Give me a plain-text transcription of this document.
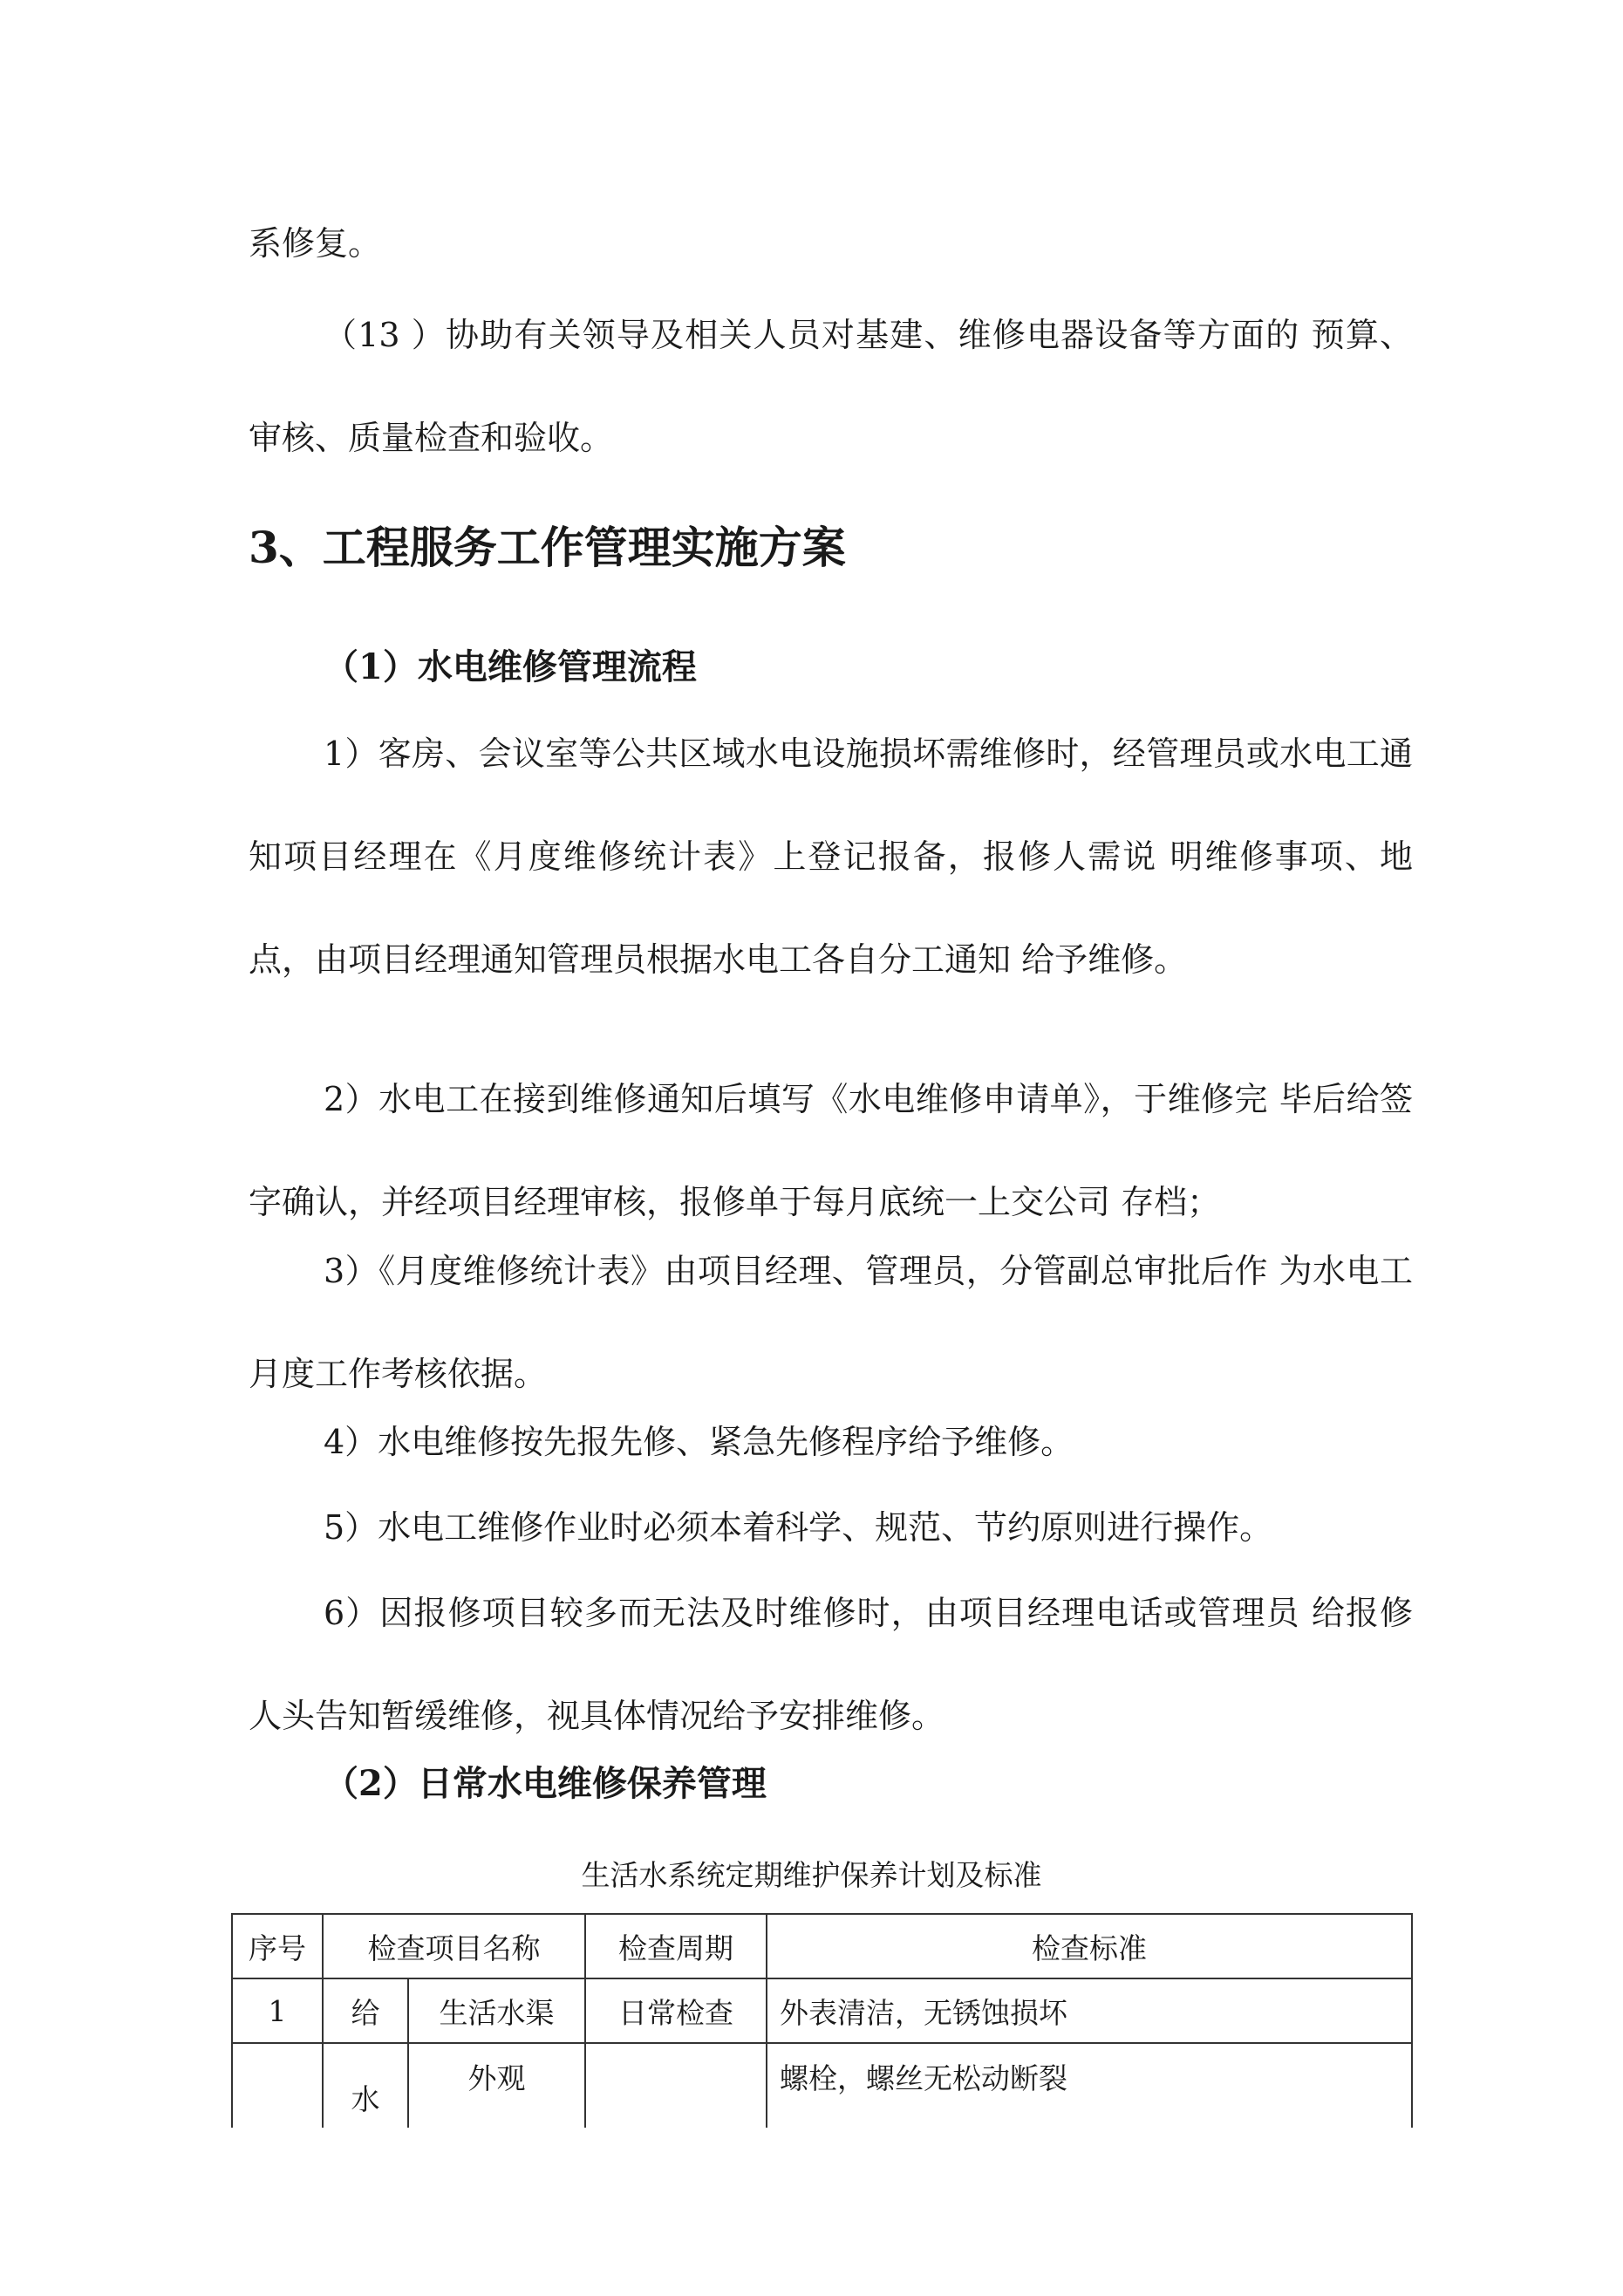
系修复。

（13 ）协助有关领导及相关人员对基建、维修电器设备等方面的 预算、审核、质量检查和验收。

3、工程服务工作管理实施方案
（1）水电维修管理流程

1）客房、会议室等公共区域水电设施损坏需维修时，经管理员或水电工通知项目经理在《月度维修统计表》上登记报备，报修人需说 明维修事项、地点，由项目经理通知管理员根据水电工各自分工通知 给予维修。

2）水电工在接到维修通知后填写《水电维修申请单》，于维修完 毕后给签字确认，并经项目经理审核，报修单于每月底统一上交公司 存档；

3）《月度维修统计表》由项目经理、管理员，分管副总审批后作 为水电工月度工作考核依据。

4）水电维修按先报先修、紧急先修程序给予维修。

5）水电工维修作业时必须本着科学、规范、节约原则进行操作。

6）因报修项目较多而无法及时维修时，由项目经理电话或管理员 给报修人头告知暂缓维修，视具体情况给予安排维修。

（2）日常水电维修保养管理

生活水系统定期维护保养计划及标准

序号	检查项目名称		检查周期	检查标准
1	给	生活水渠	日常检查	外表清洁，无锈蚀损坏
	水	外观		螺栓，螺丝无松动断裂
